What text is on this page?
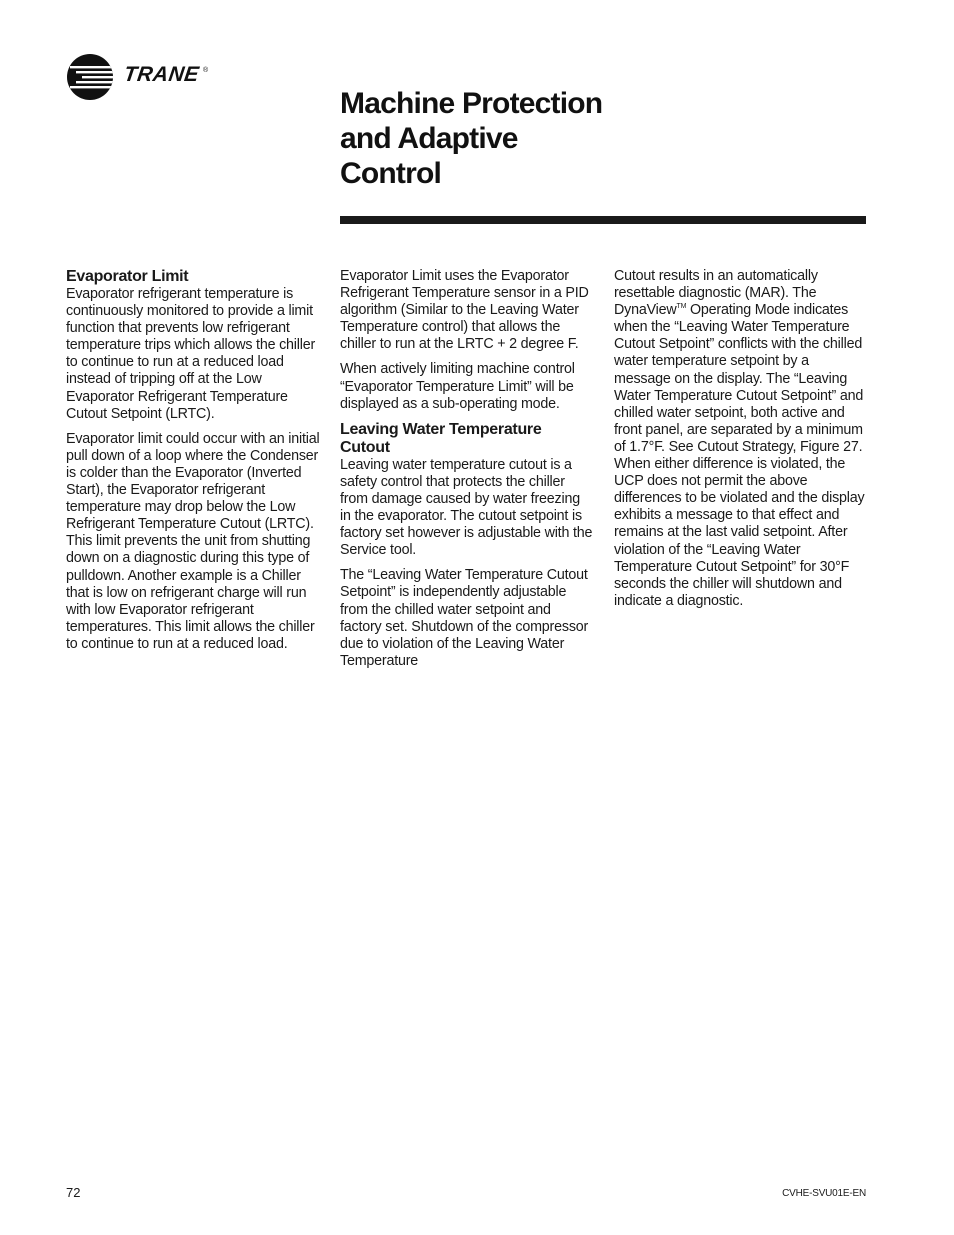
TRANE ®
Machine Protection
and Adaptive
Control
Evaporator Limit

Evaporator refrigerant temperature is continuously monitored to provide a limit function that prevents low refrigerant temperature trips which allows the chiller to continue to run at a reduced load instead of tripping off at the Low Evaporator Refrigerant Temperature Cutout Setpoint (LRTC).

Evaporator limit could occur with an initial pull down of a loop where the Condenser is colder than the Evaporator (Inverted Start), the Evaporator refrigerant temperature may drop below the Low Refrigerant Temperature Cutout (LRTC). This limit prevents the unit from shutting down on a diagnostic during this type of pulldown. Another example is a Chiller that is low on refrigerant charge will run with low Evaporator refrigerant temperatures. This limit allows the chiller to continue to run at a reduced load.

Evaporator Limit uses the Evaporator Refrigerant Temperature sensor in a PID algorithm (Similar to the Leaving Water Temperature control) that allows the chiller to run at the LRTC + 2 degree F.

When actively limiting machine control “Evaporator Temperature Limit” will be displayed as a sub-operating mode.

Leaving Water Temperature Cutout

Leaving water temperature cutout is a safety control that protects the chiller from damage caused by water freezing in the evaporator. The cutout setpoint is factory set however is adjustable with the Service tool.

The “Leaving Water Temperature Cutout Setpoint” is independently adjustable from the chilled water setpoint and factory set. Shutdown of the compressor due to violation of the Leaving Water Temperature

Cutout results in an automatically resettable diagnostic (MAR). The DynaView™ Operating Mode indicates when the “Leaving Water Temperature Cutout Setpoint” conflicts with the chilled water temperature setpoint by a message on the display. The “Leaving Water Temperature Cutout Setpoint” and chilled water setpoint, both active and front panel, are separated by a minimum of 1.7°F. See Cutout Strategy, Figure 27. When either difference is violated, the UCP does not permit the above differences to be violated and the display exhibits a message to that effect and remains at the last valid setpoint. After violation of the “Leaving Water Temperature Cutout Setpoint” for 30°F seconds the chiller will shutdown and indicate a diagnostic.

72	CVHE-SVU01E-EN
